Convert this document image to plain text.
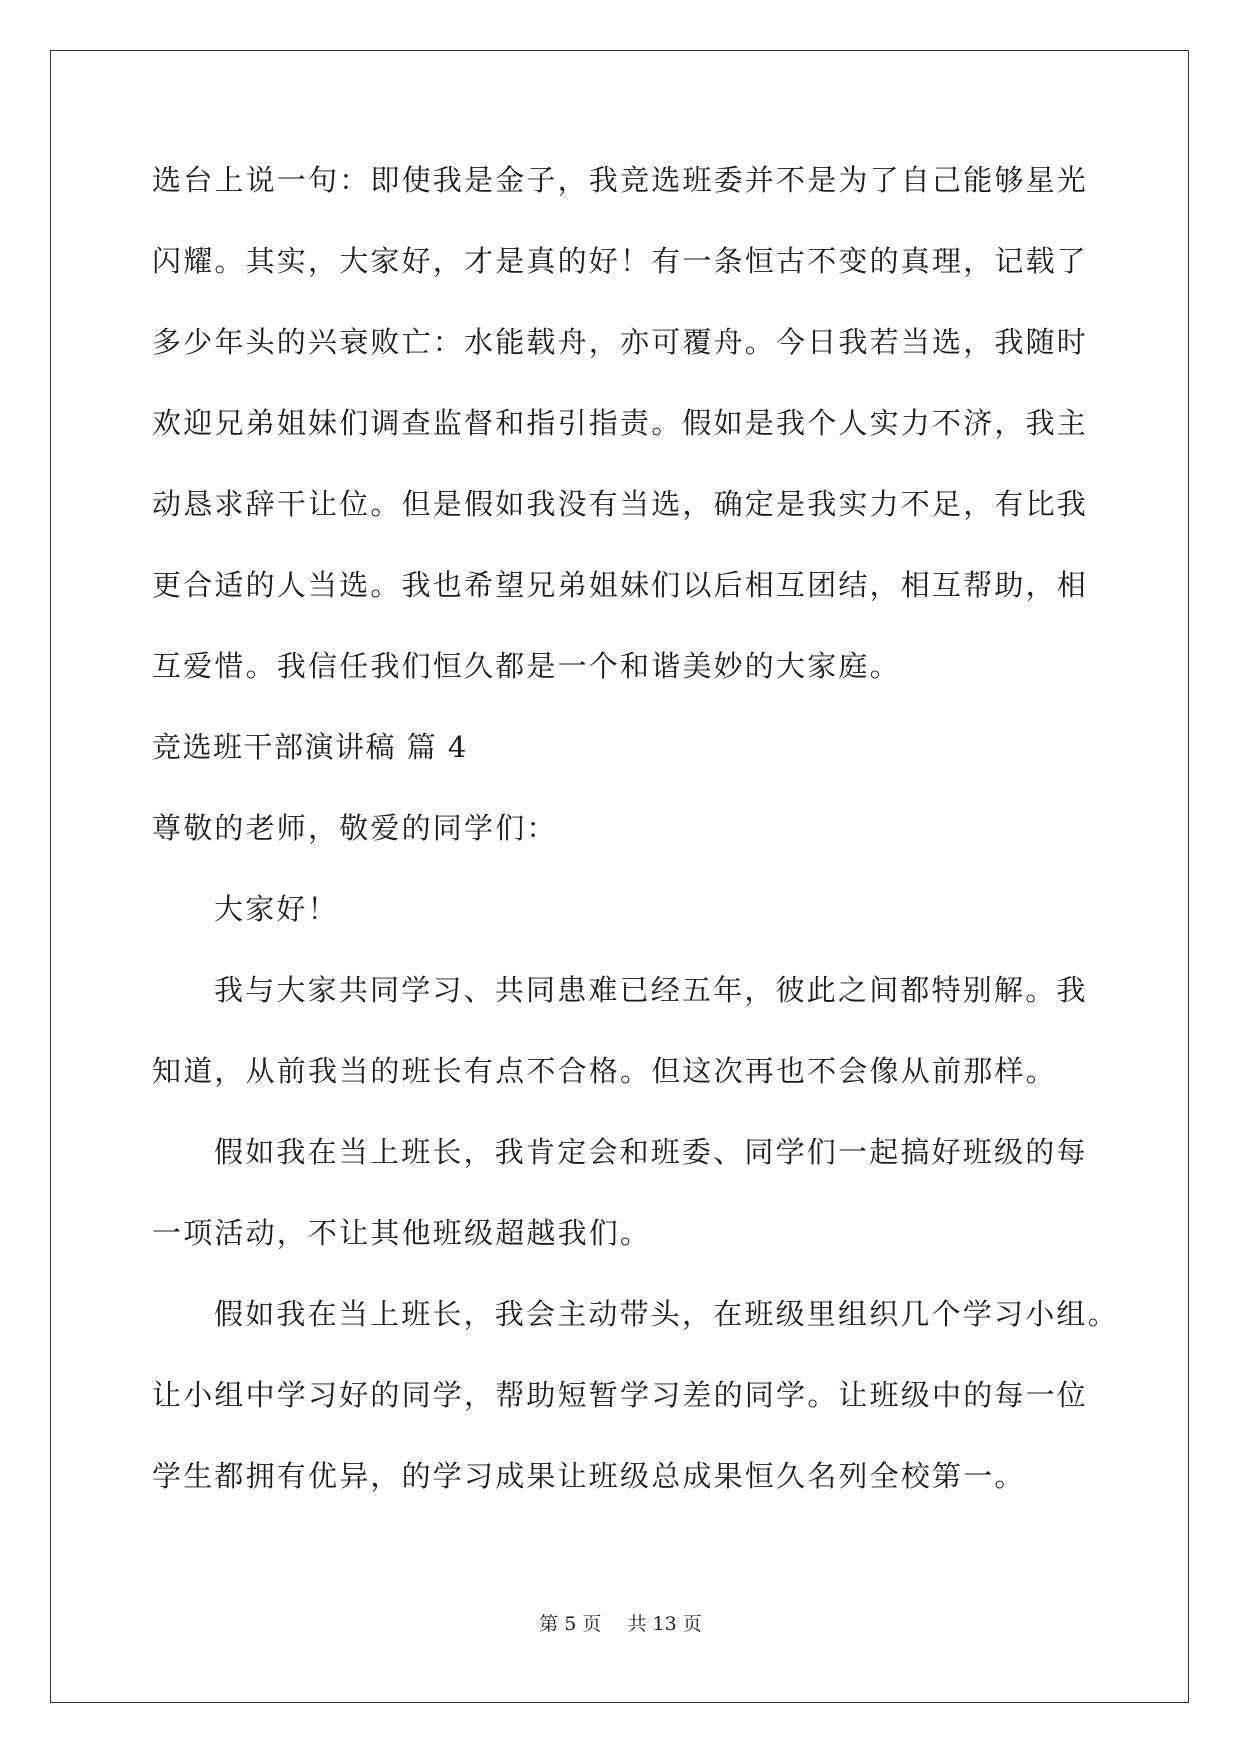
选台上说一句：即使我是金子，我竞选班委并不是为了自己能够星光
闪耀。其实，大家好，才是真的好！有一条恒古不变的真理，记载了
多少年头的兴衰败亡：水能载舟，亦可覆舟。今日我若当选，我随时
欢迎兄弟姐妹们调查监督和指引指责。假如是我个人实力不济，我主
动恳求辞干让位。但是假如我没有当选，确定是我实力不足，有比我
更合适的人当选。我也希望兄弟姐妹们以后相互团结，相互帮助，相
互爱惜。我信任我们恒久都是一个和谐美妙的大家庭。
竞选班干部演讲稿 篇 4
尊敬的老师，敬爱的同学们：
大家好！
我与大家共同学习、共同患难已经五年，彼此之间都特别解。我
知道，从前我当的班长有点不合格。但这次再也不会像从前那样。
假如我在当上班长，我肯定会和班委、同学们一起搞好班级的每
一项活动，不让其他班级超越我们。
假如我在当上班长，我会主动带头，在班级里组织几个学习小组。
让小组中学习好的同学，帮助短暂学习差的同学。让班级中的每一位
学生都拥有优异，的学习成果让班级总成果恒久名列全校第一。
第 5 页 共 13 页
